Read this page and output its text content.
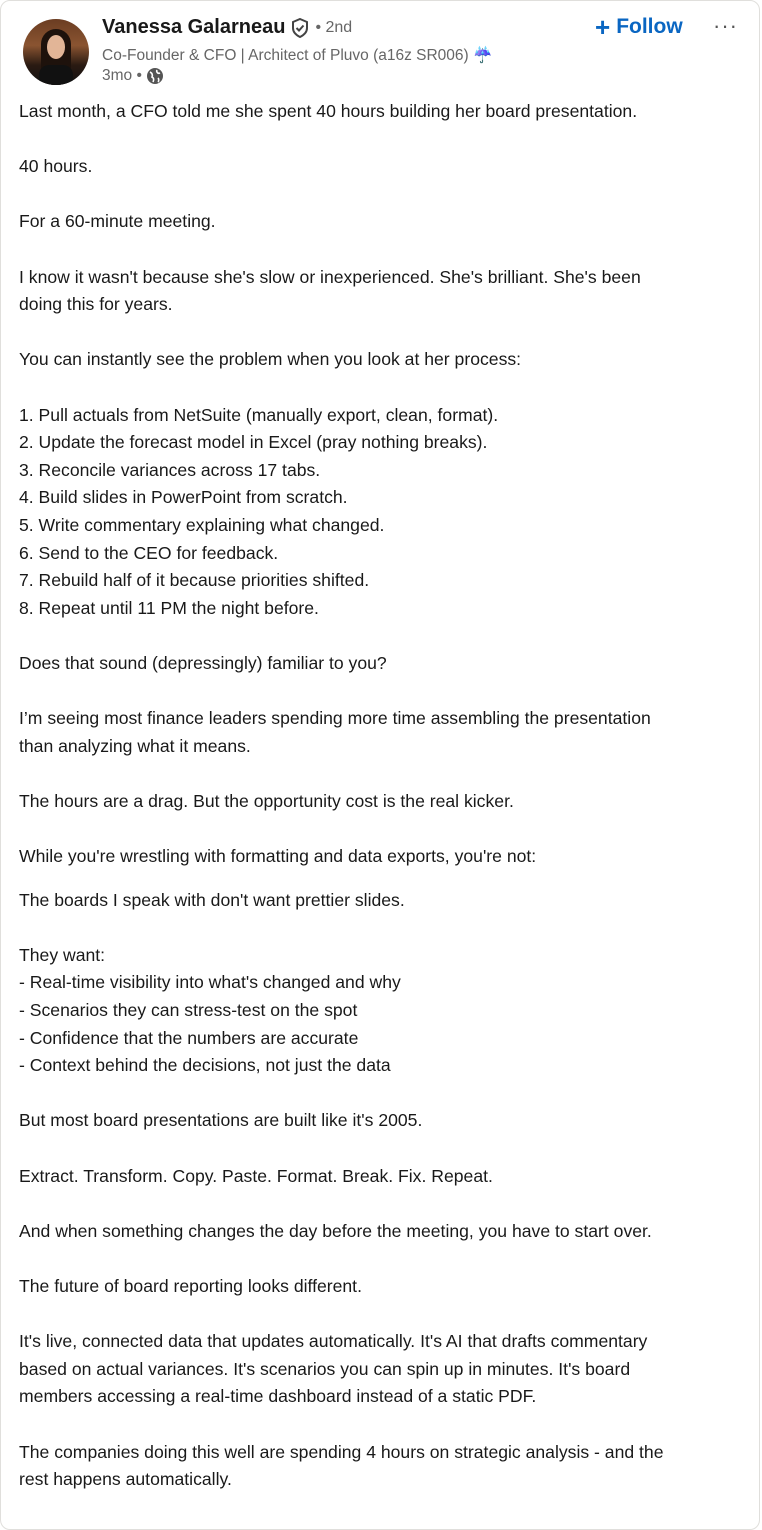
Vanessa Galarneau • 2nd
Co-Founder & CFO | Architect of Pluvo (a16z SR006) ☔
3mo •
+ Follow ···
Last month, a CFO told me she spent 40 hours building her board presentation.
40 hours.
For a 60-minute meeting.
I know it wasn't because she's slow or inexperienced. She's brilliant. She's been
doing this for years.
You can instantly see the problem when you look at her process:
1. Pull actuals from NetSuite (manually export, clean, format).
2. Update the forecast model in Excel (pray nothing breaks).
3. Reconcile variances across 17 tabs.
4. Build slides in PowerPoint from scratch.
5. Write commentary explaining what changed.
6. Send to the CEO for feedback.
7. Rebuild half of it because priorities shifted.
8. Repeat until 11 PM the night before.
Does that sound (depressingly) familiar to you?
I’m seeing most finance leaders spending more time assembling the presentation
than analyzing what it means.
The hours are a drag. But the opportunity cost is the real kicker.
While you're wrestling with formatting and data exports, you're not:
The boards I speak with don't want prettier slides.
They want:
- Real-time visibility into what's changed and why
- Scenarios they can stress-test on the spot
- Confidence that the numbers are accurate
- Context behind the decisions, not just the data
But most board presentations are built like it's 2005.
Extract. Transform. Copy. Paste. Format. Break. Fix. Repeat.
And when something changes the day before the meeting, you have to start over.
The future of board reporting looks different.
It's live, connected data that updates automatically. It's AI that drafts commentary
based on actual variances. It's scenarios you can spin up in minutes. It's board
members accessing a real-time dashboard instead of a static PDF.
The companies doing this well are spending 4 hours on strategic analysis - and the
rest happens automatically.
